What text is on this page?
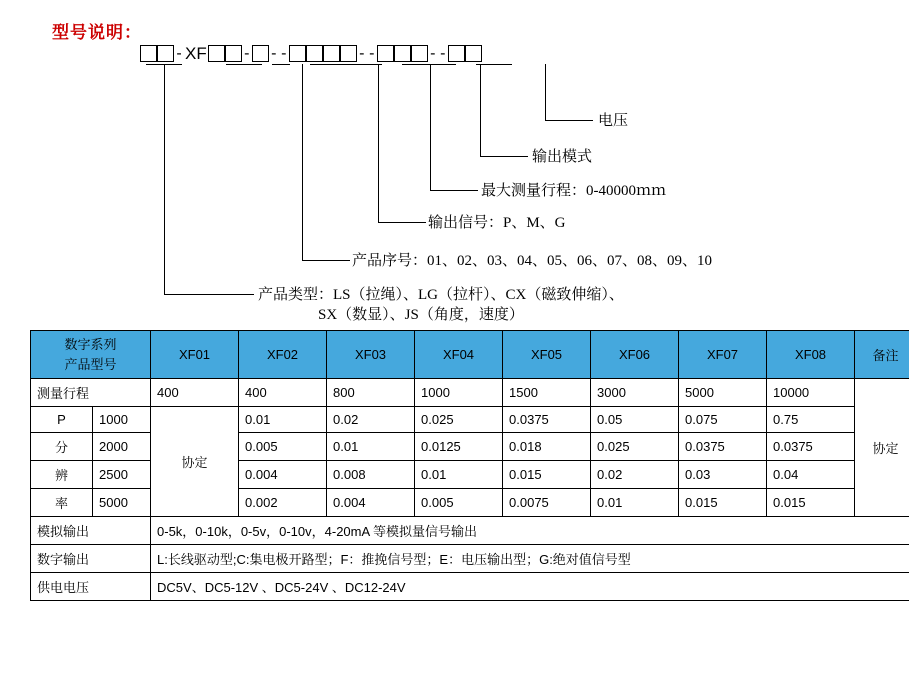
型号说明：
- XF - - -	- -	- -
电压
输出模式
最大测量行程：0-40000ｍｍ
输出信号：P、M、G
产品序号：01、02、03、04、05、06、07、08、09、10
产品类型：LS（拉绳）、LG（拉杆）、CX（磁致伸缩）、
SX（数显）、JS（角度，速度）
数字系列
产品型号		XF01	XF02	XF03	XF04	XF05	XF06	XF07	XF08	备注
测量行程		400	400	800	1000	1500	3000	5000	10000	协定
P	1000	协定	0.01	0.02	0.025	0.0375	0.05	0.075	0.75	
分	2000		0.005	0.01	0.0125	0.018	0.025	0.0375	0.0375	
辨	2500		0.004	0.008	0.01	0.015	0.02	0.03	0.04	
率	5000		0.002	0.004	0.005	0.0075	0.01	0.015	0.015	
模拟输出		0-5k，0-10k，0-5v，0-10v，4-20mA 等模拟量信号输出								
数字输出		L:长线驱动型;C:集电极开路型；F：推挽信号型；E：电压输出型；G:绝对值信号型								
供电电压		DC5V、DC5-12V 、DC5-24V 、DC12-24V								
